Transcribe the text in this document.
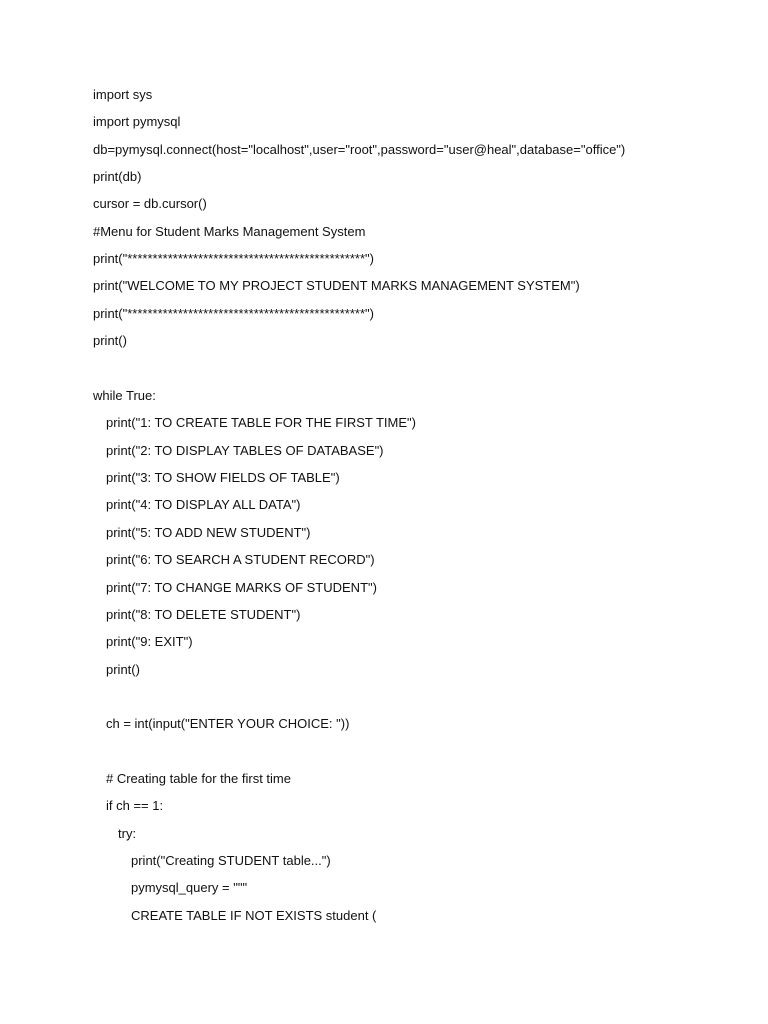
import sys

import pymysql

db=pymysql.connect(host="localhost",user="root",password="user@heal",database="office")

print(db)

cursor = db.cursor()

#Menu for Student Marks Management System

print("***********************************************")

print("WELCOME TO MY PROJECT STUDENT MARKS MANAGEMENT SYSTEM")

print("***********************************************")

print()

while True:

print("1: TO CREATE TABLE FOR THE FIRST TIME")

print("2: TO DISPLAY TABLES OF DATABASE")

print("3: TO SHOW FIELDS OF TABLE")

print("4: TO DISPLAY ALL DATA")

print("5: TO ADD NEW STUDENT")

print("6: TO SEARCH A STUDENT RECORD")

print("7: TO CHANGE MARKS OF STUDENT")

print("8: TO DELETE STUDENT")

print("9: EXIT")

print()

ch = int(input("ENTER YOUR CHOICE: "))

# Creating table for the first time

if ch == 1:

try:

print("Creating STUDENT table...")

pymysql_query = """

CREATE TABLE IF NOT EXISTS student (
